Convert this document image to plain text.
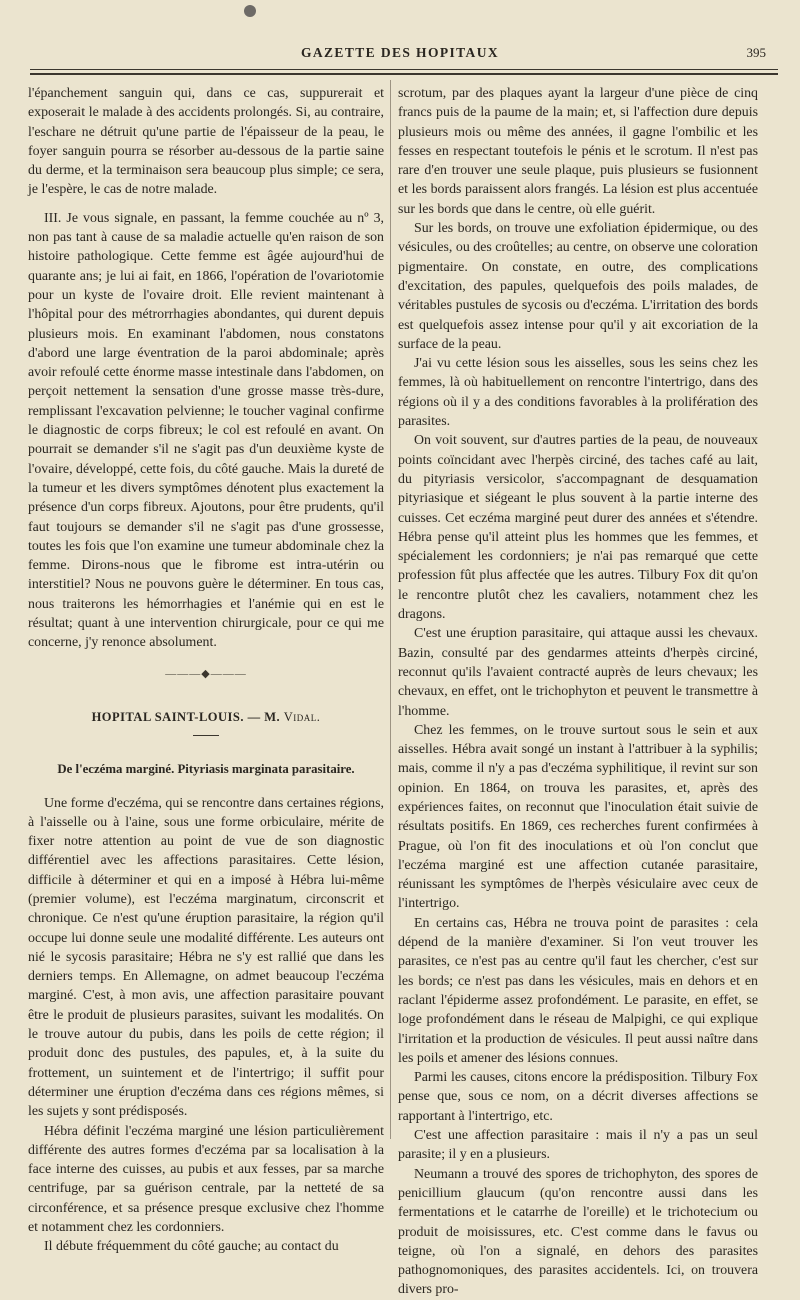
GAZETTE DES HOPITAUX	395

l'épanchement sanguin qui, dans ce cas, suppurerait et exposerait le malade à des accidents prolongés. Si, au contraire, l'eschare ne détruit qu'une partie de l'épaisseur de la peau, le foyer sanguin pourra se résorber au-dessous de la partie saine du derme, et la terminaison sera beaucoup plus simple; ce sera, je l'espère, le cas de notre malade.

III. Je vous signale, en passant, la femme couchée au nº 3, non pas tant à cause de sa maladie actuelle qu'en raison de son histoire pathologique. Cette femme est âgée aujourd'hui de quarante ans; je lui ai fait, en 1866, l'opération de l'ovariotomie pour un kyste de l'ovaire droit. Elle revient maintenant à l'hôpital pour des métrorrhagies abondantes, qui durent depuis plusieurs mois. En examinant l'abdomen, nous constatons d'abord une large éventration de la paroi abdominale; après avoir refoulé cette énorme masse intestinale dans l'abdomen, on perçoit nettement la sensation d'une grosse masse très-dure, remplissant l'excavation pelvienne; le toucher vaginal confirme le diagnostic de corps fibreux; le col est refoulé en avant. On pourrait se demander s'il ne s'agit pas d'un deuxième kyste de l'ovaire, développé, cette fois, du côté gauche. Mais la dureté de la tumeur et les divers symptômes dénotent plus exactement la présence d'un corps fibreux. Ajoutons, pour être prudents, qu'il faut toujours se demander s'il ne s'agit pas d'une grossesse, toutes les fois que l'on examine une tumeur abdominale chez la femme. Dirons-nous que le fibrome est intra-utérin ou interstitiel? Nous ne pouvons guère le déterminer. En tous cas, nous traiterons les hémorrhagies et l'anémie qui en est le résultat; quant à une intervention chirurgicale, pour ce qui me concerne, j'y renonce absolument.

———◆———
HOPITAL SAINT-LOUIS. — M. Vidal.
De l'eczéma marginé. Pityriasis marginata parasitaire.

Une forme d'eczéma, qui se rencontre dans certaines régions, à l'aisselle ou à l'aine, sous une forme orbiculaire, mérite de fixer notre attention au point de vue de son diagnostic différentiel avec les affections parasitaires. Cette lésion, difficile à déterminer et qui en a imposé à Hébra lui-même (premier volume), est l'eczéma marginatum, circonscrit et chronique. Ce n'est qu'une éruption parasitaire, la région qu'il occupe lui donne seule une modalité différente. Les auteurs ont nié le sycosis parasitaire; Hébra ne s'y est rallié que dans les derniers temps. En Allemagne, on admet beaucoup l'eczéma marginé. C'est, à mon avis, une affection parasitaire pouvant être le produit de plusieurs parasites, suivant les modalités. On le trouve autour du pubis, dans les poils de cette région; il produit donc des pustules, des papules, et, à la suite du frottement, un suintement et de l'intertrigo; il suffit pour déterminer une éruption d'eczéma dans ces régions mêmes, si les sujets y sont prédisposés.

Hébra définit l'eczéma marginé une lésion particulièrement différente des autres formes d'eczéma par sa localisation à la face interne des cuisses, au pubis et aux fesses, par sa marche centrifuge, par sa guérison centrale, par la netteté de sa circonférence, et sa présence presque exclusive chez l'homme et notamment chez les cordonniers.

Il débute fréquemment du côté gauche; au contact du

scrotum, par des plaques ayant la largeur d'une pièce de cinq francs puis de la paume de la main; et, si l'affection dure depuis plusieurs mois ou même des années, il gagne l'ombilic et les fesses en respectant toutefois le pénis et le scrotum. Il n'est pas rare d'en trouver une seule plaque, puis plusieurs se fusionnent et les bords paraissent alors frangés. La lésion est plus accentuée sur les bords que dans le centre, où elle guérit.

Sur les bords, on trouve une exfoliation épidermique, ou des vésicules, ou des croûtelles; au centre, on observe une coloration pigmentaire. On constate, en outre, des complications d'excitation, des papules, quelquefois des poils malades, de véritables pustules de sycosis ou d'eczéma. L'irritation des bords est quelquefois assez intense pour qu'il y ait excoriation de la surface de la peau.

J'ai vu cette lésion sous les aisselles, sous les seins chez les femmes, là où habituellement on rencontre l'intertrigo, dans des régions où il y a des conditions favorables à la prolifération des parasites.

On voit souvent, sur d'autres parties de la peau, de nouveaux points coïncidant avec l'herpès circiné, des taches café au lait, du pityriasis versicolor, s'accompagnant de desquamation pityriasique et siégeant le plus souvent à la partie interne des cuisses. Cet eczéma marginé peut durer des années et s'étendre. Hébra pense qu'il atteint plus les hommes que les femmes, et spécialement les cordonniers; je n'ai pas remarqué que cette profession fût plus affectée que les autres. Tilbury Fox dit qu'on le rencontre plutôt chez les cavaliers, notamment chez les dragons.

C'est une éruption parasitaire, qui attaque aussi les chevaux. Bazin, consulté par des gendarmes atteints d'herpès circiné, reconnut qu'ils l'avaient contracté auprès de leurs chevaux; les chevaux, en effet, ont le trichophyton et peuvent le transmettre à l'homme.

Chez les femmes, on le trouve surtout sous le sein et aux aisselles. Hébra avait songé un instant à l'attribuer à la syphilis; mais, comme il n'y a pas d'eczéma syphilitique, il revint sur son opinion. En 1864, on trouva les parasites, et, après des expériences faites, on reconnut que l'inoculation était suivie de résultats positifs. En 1869, ces recherches furent confirmées à Prague, où l'on fit des inoculations et où l'on conclut que l'eczéma marginé est une affection cutanée parasitaire, réunissant les symptômes de l'herpès vésiculaire avec ceux de l'intertrigo.

En certains cas, Hébra ne trouva point de parasites : cela dépend de la manière d'examiner. Si l'on veut trouver les parasites, ce n'est pas au centre qu'il faut les chercher, c'est sur les bords; ce n'est pas dans les vésicules, mais en dehors et en raclant l'épiderme assez profondément. Le parasite, en effet, se loge profondément dans le réseau de Malpighi, ce qui explique l'irritation et la production de vésicules. Il peut aussi naître dans les poils et amener des lésions connues.

Parmi les causes, citons encore la prédisposition. Tilbury Fox pense que, sous ce nom, on a décrit diverses affections se rapportant à l'intertrigo, etc.

C'est une affection parasitaire : mais il n'y a pas un seul parasite; il y en a plusieurs.

Neumann a trouvé des spores de trichophyton, des spores de penicillium glaucum (qu'on rencontre aussi dans les fermentations et le catarrhe de l'oreille) et le trichotecium ou produit de moisissures, etc. C'est comme dans le favus ou teigne, où l'on a signalé, en dehors des parasites pathognomoniques, des parasites accidentels. Ici, on trouvera divers pro-
